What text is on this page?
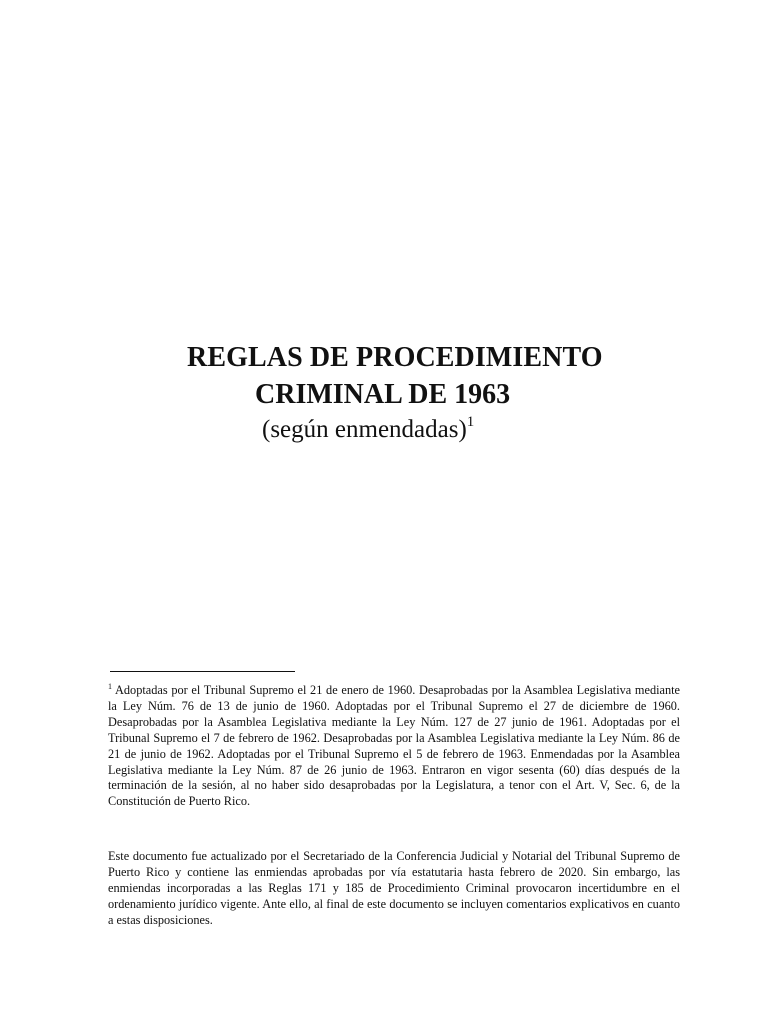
REGLAS DE PROCEDIMIENTO
CRIMINAL DE 1963
(según enmendadas)$^1$
$^1$ Adoptadas por el Tribunal Supremo el 21 de enero de 1960. Desaprobadas por la Asamblea Legislativa mediante la Ley Núm. 76 de 13 de junio de 1960. Adoptadas por el Tribunal Supremo el 27 de diciembre de 1960. Desaprobadas por la Asamblea Legislativa mediante la Ley Núm. 127 de 27 junio de 1961. Adoptadas por el Tribunal Supremo el 7 de febrero de 1962. Desaprobadas por la Asamblea Legislativa mediante la Ley Núm. 86 de 21 de junio de 1962. Adoptadas por el Tribunal Supremo el 5 de febrero de 1963. Enmendadas por la Asamblea Legislativa mediante la Ley Núm. 87 de 26 junio de 1963. Entraron en vigor sesenta (60) días después de la terminación de la sesión, al no haber sido desaprobadas por la Legislatura, a tenor con el Art. V, Sec. 6, de la Constitución de Puerto Rico.
Este documento fue actualizado por el Secretariado de la Conferencia Judicial y Notarial del Tribunal Supremo de Puerto Rico y contiene las enmiendas aprobadas por vía estatutaria hasta febrero de 2020. Sin embargo, las enmiendas incorporadas a las Reglas 171 y 185 de Procedimiento Criminal provocaron incertidumbre en el ordenamiento jurídico vigente. Ante ello, al final de este documento se incluyen comentarios explicativos en cuanto a estas disposiciones.
